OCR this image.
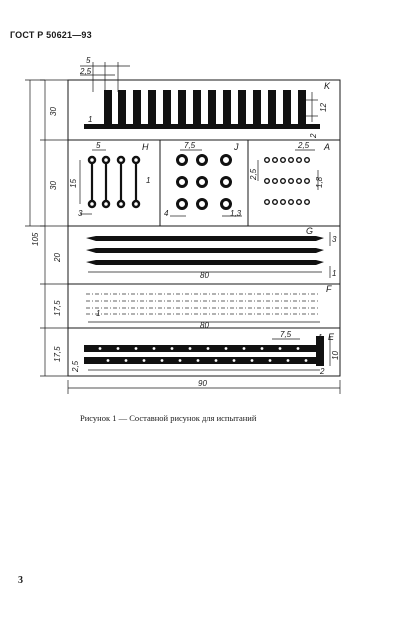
ГОСТ Р 50621—93
K
H	J	A
G
F
E
5
2,5
30
30
105
20
17,5
17,5
2,5
1
12
2
5
15
3
1
7,5
4	1,3
2,5
2,5
1,8
3
1
80
80
1
7,5	1
10
2
90
Рисунок 1 — Составной рисунок для испытаний
3
